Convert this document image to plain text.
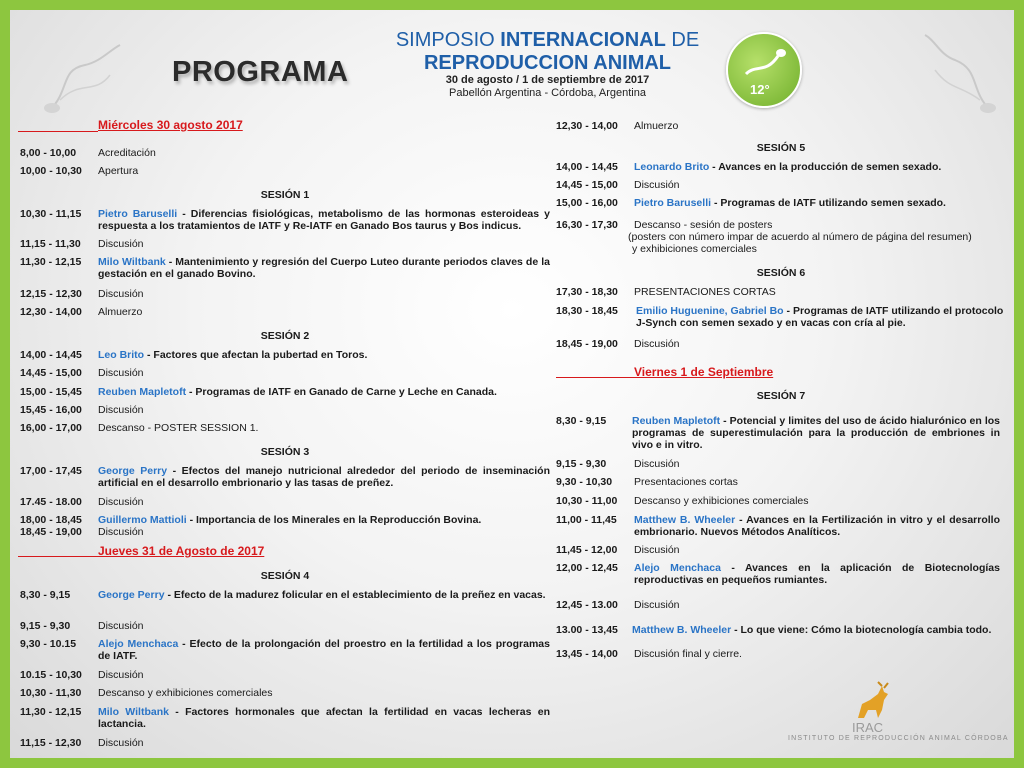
PROGRAMA
SIMPOSIO INTERNACIONAL DE
REPRODUCCION ANIMAL
30 de agosto / 1 de septiembre de 2017
Pabellón Argentina - Córdoba, Argentina	12°
Miércoles 30 agosto 2017
8,00 - 10,00 Acreditación
10,00 - 10,30 Apertura
SESIÓN 1
10,30 - 11,15 Pietro Baruselli - Diferencias fisiológicas, metabolismo de las hormonas esteroideas y respuesta a los tratamientos de IATF y Re-IATF en Ganado Bos taurus y Bos indicus.
11,15 - 11,30 Discusión
11,30 - 12,15 Milo Wiltbank - Mantenimiento y regresión del Cuerpo Luteo durante periodos claves de la gestación en el ganado Bovino.
12,15 - 12,30 Discusión
12,30 - 14,00 Almuerzo
SESIÓN 2
14,00 - 14,45 Leo Brito - Factores que afectan la pubertad en Toros.
14,45 - 15,00 Discusión
15,00 - 15,45 Reuben Mapletoft - Programas de IATF en Ganado de Carne y Leche en Canada.
15,45 - 16,00 Discusión
16,00 - 17,00 Descanso - POSTER SESSION 1.
SESIÓN 3
17,00 - 17,45 George Perry - Efectos del manejo nutricional alrededor del periodo de inseminación artificial en el desarrollo embrionario y las tasas de preñez.
17.45 - 18.00 Discusión
18,00 - 18,45 Guillermo Mattioli - Importancia de los Minerales en la Reproducción Bovina.
18,45 - 19,00 Discusión
Jueves 31 de Agosto de 2017
SESIÓN 4
8,30 - 9,15	George Perry - Efecto de la madurez folicular en el establecimiento de la preñez en vacas.
9,15 - 9,30	Discusión
9,30 - 10.15 Alejo Menchaca - Efecto de la prolongación del proestro en la fertilidad a los programas de IATF.
10.15 - 10,30 Discusión
10,30 - 11,30 Descanso y exhibiciones comerciales
11,30 - 12,15 Milo Wiltbank - Factores hormonales que afectan la fertilidad en vacas lecheras en lactancia.
11,15 - 12,30 Discusión
12,30 - 14,00 Almuerzo
SESIÓN 5
14,00 - 14,45 Leonardo Brito - Avances en la producción de semen sexado.
14,45 - 15,00 Discusión
15,00 - 16,00 Pietro Baruselli - Programas de IATF utilizando semen sexado.
16,30 - 17,30 Descanso - sesión de posters
(posters con número impar de acuerdo al número de página del resumen)
y exhibiciones comerciales
SESIÓN 6
17,30 - 18,30 PRESENTACIONES CORTAS
18,30 - 18,45 Emilio Huguenine, Gabriel Bo - Programas de IATF utilizando el protocolo J-Synch con semen sexado y en vacas con cría al pie.
18,45 - 19,00 Discusión
Viernes 1 de Septiembre
SESIÓN 7
8,30 - 9,15 Reuben Mapletoft - Potencial y limites del uso de ácido hialurónico en los programas de superestimulación para la producción de embriones in vivo e in vitro.
9,15 - 9,30	Discusión
9,30 - 10,30 Presentaciones cortas
10,30 - 11,00 Descanso y exhibiciones comerciales
11,00 - 11,45 Matthew B. Wheeler - Avances en la Fertilización in vitro y el desarrollo embrionario. Nuevos Métodos Analíticos.
11,45 - 12,00 Discusión
12,00 - 12,45 Alejo Menchaca - Avances en la aplicación de Biotecnologías reproductivas en pequeños rumiantes.
12,45 - 13.00 Discusión
13.00 - 13,45 Matthew B. Wheeler - Lo que viene: Cómo la biotecnología cambia todo.
13,45 - 14,00 Discusión final y cierre.
IRAC
INSTITUTO DE REPRODUCCIÓN ANIMAL CÓRDOBA
